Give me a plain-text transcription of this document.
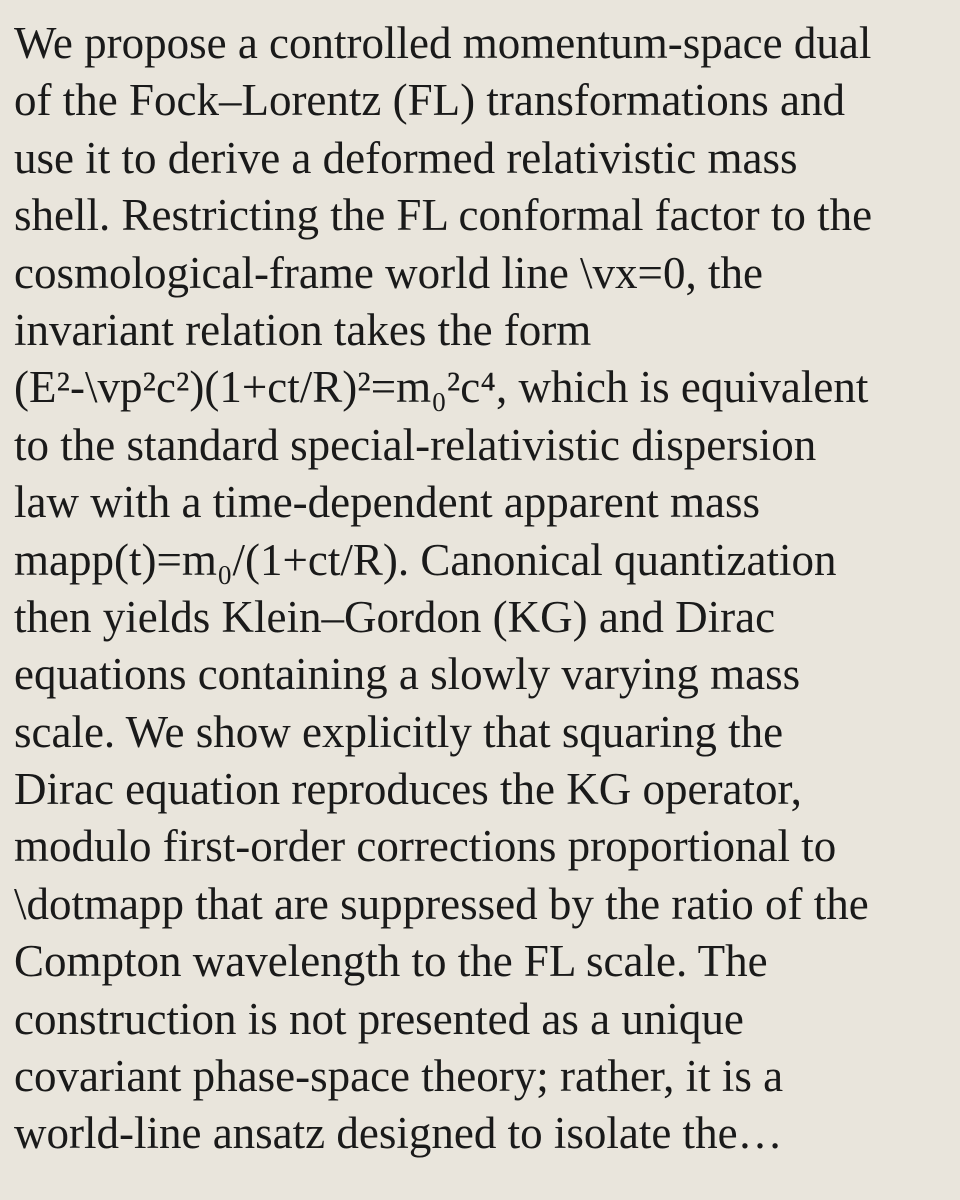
We propose a controlled momentum-space dual
of the Fock–Lorentz (FL) transformations and
use it to derive a deformed relativistic mass
shell. Restricting the FL conformal factor to the
cosmological-frame world line \vx=0, the
invariant relation takes the form
(E²-\vp²c²)(1+ct/R)²=m₀²c⁴, which is equivalent
to the standard special-relativistic dispersion
law with a time-dependent apparent mass
mapp(t)=m₀/(1+ct/R). Canonical quantization
then yields Klein–Gordon (KG) and Dirac
equations containing a slowly varying mass
scale. We show explicitly that squaring the
Dirac equation reproduces the KG operator,
modulo first-order corrections proportional to
\dotmapp that are suppressed by the ratio of the
Compton wavelength to the FL scale. The
construction is not presented as a unique
covariant phase-space theory; rather, it is a
world-line ansatz designed to isolate the…
